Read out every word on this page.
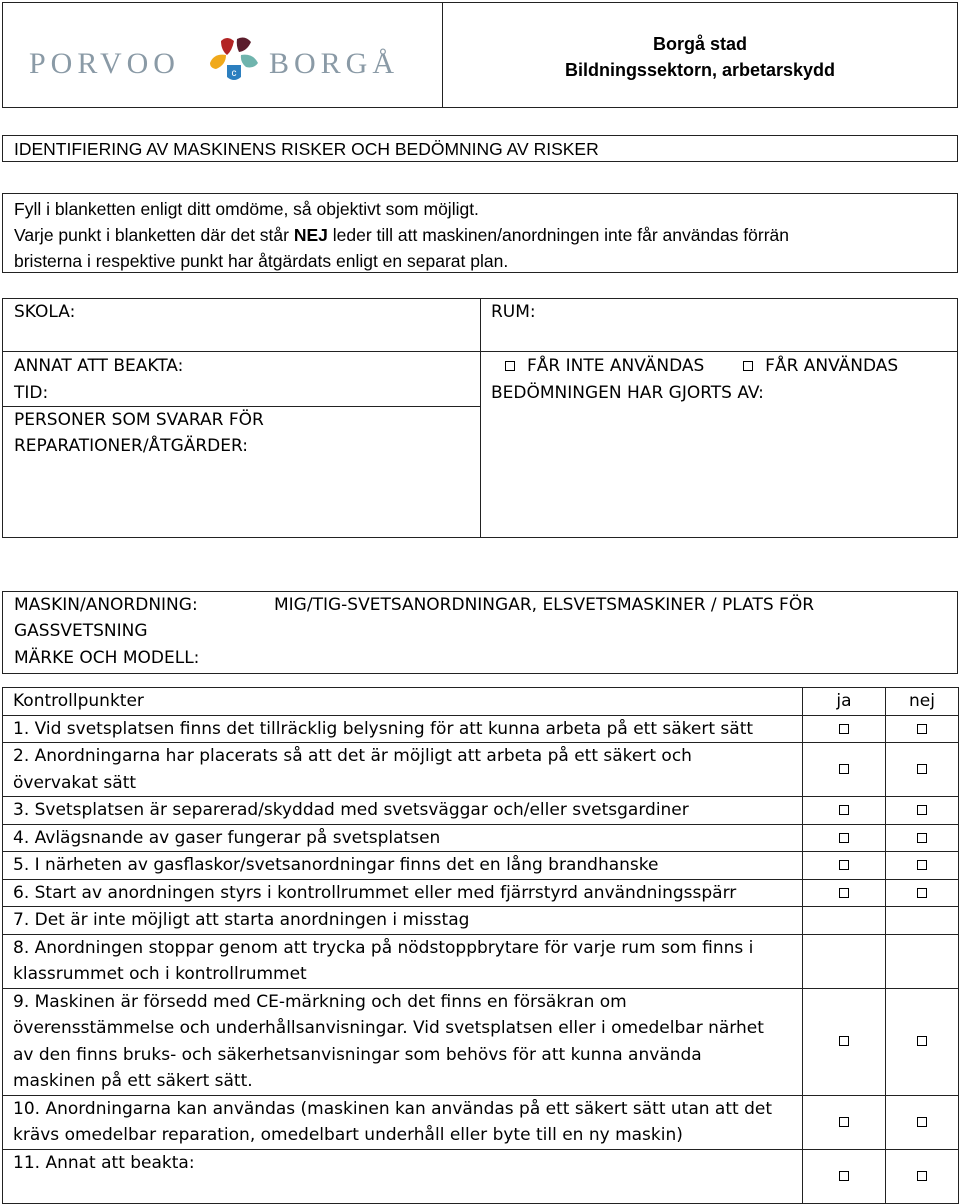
PORVOO	BORGÅ
c
Borgå stad
Bildningssektorn, arbetarskydd
IDENTIFIERING AV MASKINENS RISKER OCH BEDÖMNING AV RISKER
Fyll i blanketten enligt ditt omdöme, så objektivt som möjligt.
Varje punkt i blanketten där det står NEJ leder till att maskinen/anordningen inte får användas förrän
bristerna i respektive punkt har åtgärdats enligt en separat plan.
SKOLA:
ANNAT ATT BEAKTA:
TID:
PERSONER SOM SVARAR FÖR
REPARATIONER/ÅTGÄRDER:
RUM:
FÅR INTE ANVÄNDAS	FÅR ANVÄNDAS
BEDÖMNINGEN HAR GJORTS AV:
MASKIN/ANORDNING:	MIG/TIG-SVETSANORDNINGAR, ELSVETSMASKINER / PLATS FÖR
GASSVETSNING
MÄRKE OCH MODELL:
Kontrollpunkter	ja	nej

1. Vid svetsplatsen finns det tillräcklig belysning för att kunna arbeta på ett säkert sätt		

2. Anordningarna har placerats så att det är möjligt att arbeta på ett säkert och
övervakat sätt		

3. Svetsplatsen är separerad/skyddad med svetsväggar och/eller svetsgardiner		

4. Avlägsnande av gaser fungerar på svetsplatsen		

5. I närheten av gasflaskor/svetsanordningar finns det en lång brandhanske		

6. Start av anordningen styrs i kontrollrummet eller med fjärrstyrd användningsspärr		

7. Det är inte möjligt att starta anordningen i misstag		

8. Anordningen stoppar genom att trycka på nödstoppbrytare för varje rum som finns i
klassrummet och i kontrollrummet		

9. Maskinen är försedd med CE-märkning och det finns en försäkran om
överensstämmelse och underhållsanvisningar. Vid svetsplatsen eller i omedelbar närhet
av den finns bruks- och säkerhetsanvisningar som behövs för att kunna använda
maskinen på ett säkert sätt.		

10. Anordningarna kan användas (maskinen kan användas på ett säkert sätt utan att det
krävs omedelbar reparation, omedelbart underhåll eller byte till en ny maskin)		

11. Annat att beakta:		
